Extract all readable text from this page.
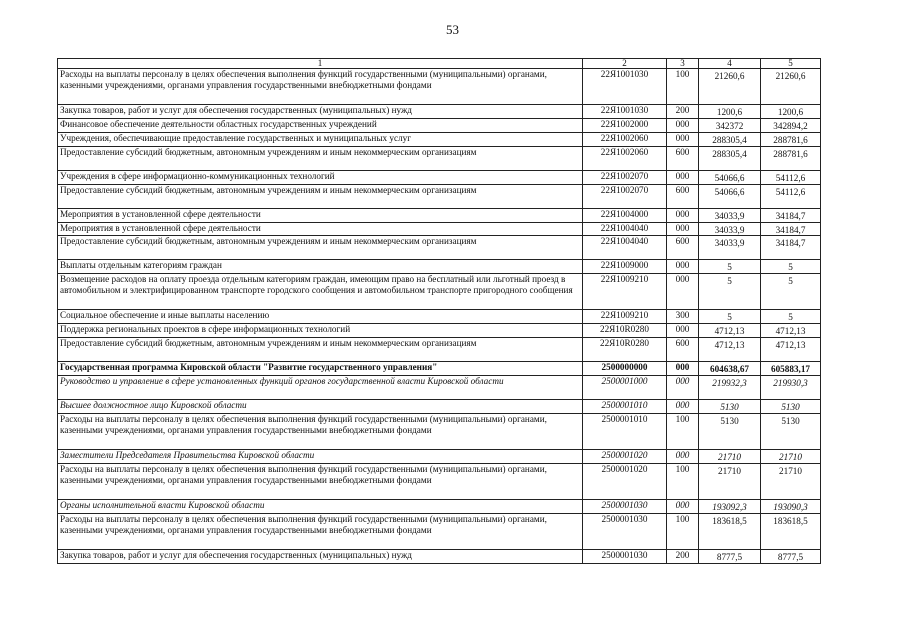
53
1	2	3	4	5
Расходы на выплаты персоналу в целях обеспечения выполнения функций государственными (муниципальными) органами, казенными учреждениями, органами управления государственными внебюджетными фондами	22Я1001030	100	21260,6	21260,6
Закупка товаров, работ и услуг для обеспечения государственных (муниципальных) нужд	22Я1001030	200	1200,6	1200,6
Финансовое обеспечение деятельности областных государственных учреждений	22Я1002000	000	342372	342894,2
Учреждения, обеспечивающие предоставление государственных и муниципальных услуг	22Я1002060	000	288305,4	288781,6
Предоставление субсидий бюджетным, автономным учреждениям и иным некоммерческим организациям	22Я1002060	600	288305,4	288781,6
Учреждения в сфере информационно-коммуникационных технологий	22Я1002070	000	54066,6	54112,6
Предоставление субсидий бюджетным, автономным учреждениям и иным некоммерческим организациям	22Я1002070	600	54066,6	54112,6
Мероприятия в установленной сфере деятельности	22Я1004000	000	34033,9	34184,7
Мероприятия в установленной сфере деятельности	22Я1004040	000	34033,9	34184,7
Предоставление субсидий бюджетным, автономным учреждениям и иным некоммерческим организациям	22Я1004040	600	34033,9	34184,7
Выплаты отдельным категориям граждан	22Я1009000	000	5	5
Возмещение расходов на оплату проезда отдельным категориям граждан, имеющим право на бесплатный или льготный проезд в автомобильном и электрифицированном транспорте городского сообщения и автомобильном транспорте пригородного сообщения	22Я1009210	000	5	5
Социальное обеспечение и иные выплаты населению	22Я1009210	300	5	5
Поддержка региональных проектов в сфере информационных технологий	22Я10R0280	000	4712,13	4712,13
Предоставление субсидий бюджетным, автономным учреждениям и иным некоммерческим организациям	22Я10R0280	600	4712,13	4712,13
Государственная программа Кировской области "Развитие государственного управления"	2500000000	000	604638,67	605883,17
Руководство и управление в сфере установленных функций органов государственной власти Кировской области	2500001000	000	219932,3	219930,3
Высшее должностное лицо Кировской области	2500001010	000	5130	5130
Расходы на выплаты персоналу в целях обеспечения выполнения функций государственными (муниципальными) органами, казенными учреждениями, органами управления государственными внебюджетными фондами	2500001010	100	5130	5130
Заместители Председателя Правительства Кировской области	2500001020	000	21710	21710
Расходы на выплаты персоналу в целях обеспечения выполнения функций государственными (муниципальными) органами, казенными учреждениями, органами управления государственными внебюджетными фондами	2500001020	100	21710	21710
Органы исполнительной власти Кировской области	2500001030	000	193092,3	193090,3
Расходы на выплаты персоналу в целях обеспечения выполнения функций государственными (муниципальными) органами, казенными учреждениями, органами управления государственными внебюджетными фондами	2500001030	100	183618,5	183618,5
Закупка товаров, работ и услуг для обеспечения государственных (муниципальных) нужд	2500001030	200	8777,5	8777,5
